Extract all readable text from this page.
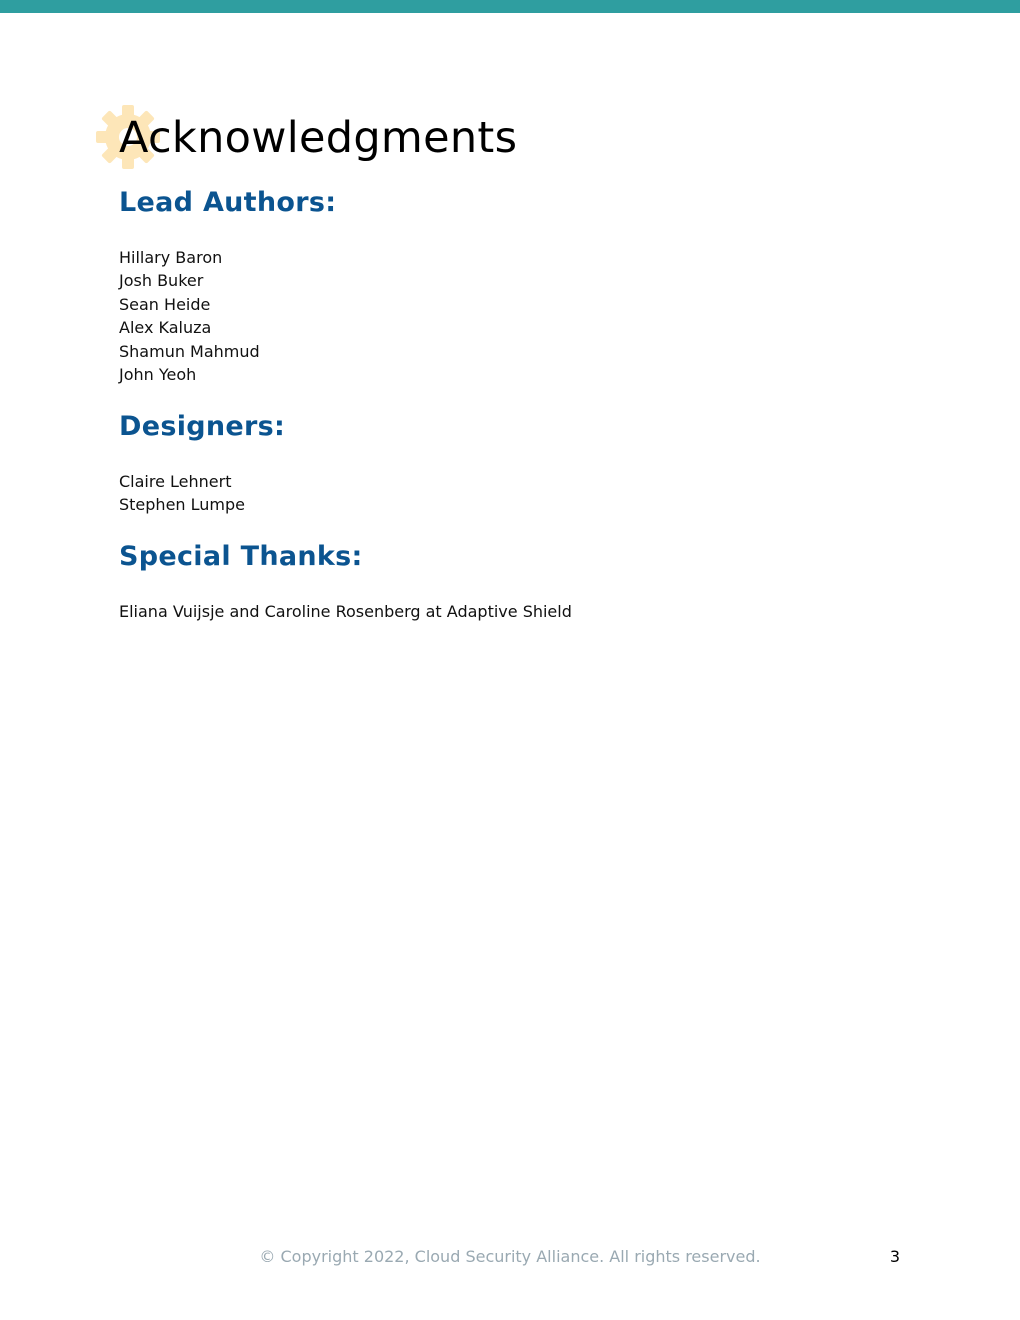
Acknowledgments
Lead Authors:
Hillary Baron
Josh Buker
Sean Heide
Alex Kaluza
Shamun Mahmud
John Yeoh
Designers:
Claire Lehnert
Stephen Lumpe
Special Thanks:
Eliana Vuijsje and Caroline Rosenberg at Adaptive Shield
© Copyright 2022, Cloud Security Alliance. All rights reserved.	3
